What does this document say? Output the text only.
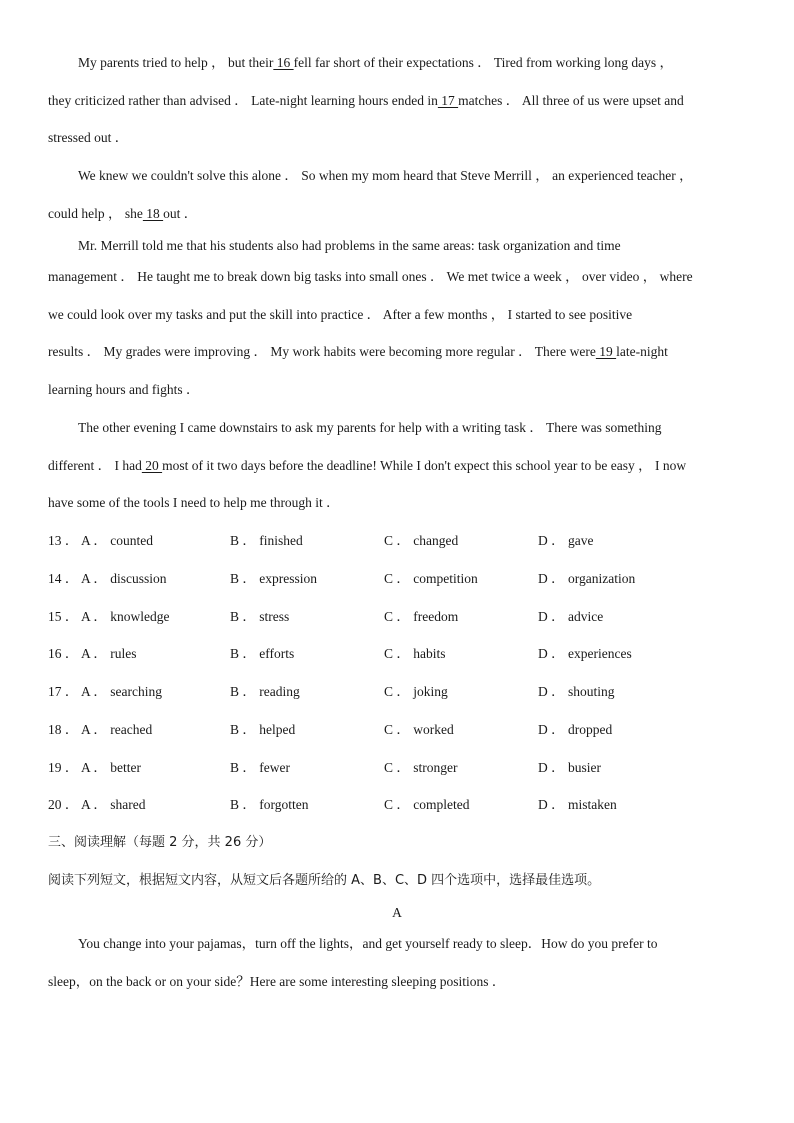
My parents tried to help ， but their 16 fell far short of their expectations ． Tired from working long days ，
they criticized rather than advised ． Late-night learning hours ended in 17 matches ． All three of us were upset and
stressed out ．
We knew we couldn't solve this alone ． So when my mom heard that Steve Merrill ， an experienced teacher ，
could help ， she 18 out ．
Mr. Merrill told me that his students also had problems in the same areas: task organization and time
management ． He taught me to break down big tasks into small ones ． We met twice a week ， over video ， where
we could look over my tasks and put the skill into practice ． After a few months ， I started to see positive
results ． My grades were improving ． My work habits were becoming more regular ． There were 19 late-night
learning hours and fights ．
The other evening I came downstairs to ask my parents for help with a writing task ． There was something
different ． I had 20 most of it two days before the deadline! While I don't expect this school year to be easy ， I now
have some of the tools I need to help me through it ．
13 ． A ． counted	B ． finished	C ． changed	D ． gave
14 ． A ． discussion	B ． expression	C ． competition	D ． organization
15 ． A ． knowledge	B ． stress	C ． freedom	D ． advice
16 ． A ． rules	B ． efforts	C ． habits	D ． experiences
17 ． A ． searching	B ． reading	C ． joking	D ． shouting
18 ． A ． reached	B ． helped	C ． worked	D ． dropped
19 ． A ． better	B ． fewer	C ． stronger	D ． busier
20 ． A ． shared	B ． forgotten	C ． completed	D ． mistaken
三、阅读理解（每题 2 分，共 26 分）
阅读下列短文，根据短文内容，从短文后各题所给的 A、B、C、D 四个选项中，选择最佳选项。
A
You change into your pajamas，turn off the lights，and get yourself ready to sleep．How do you prefer to
sleep，on the back or on your side？Here are some interesting sleeping positions ．
